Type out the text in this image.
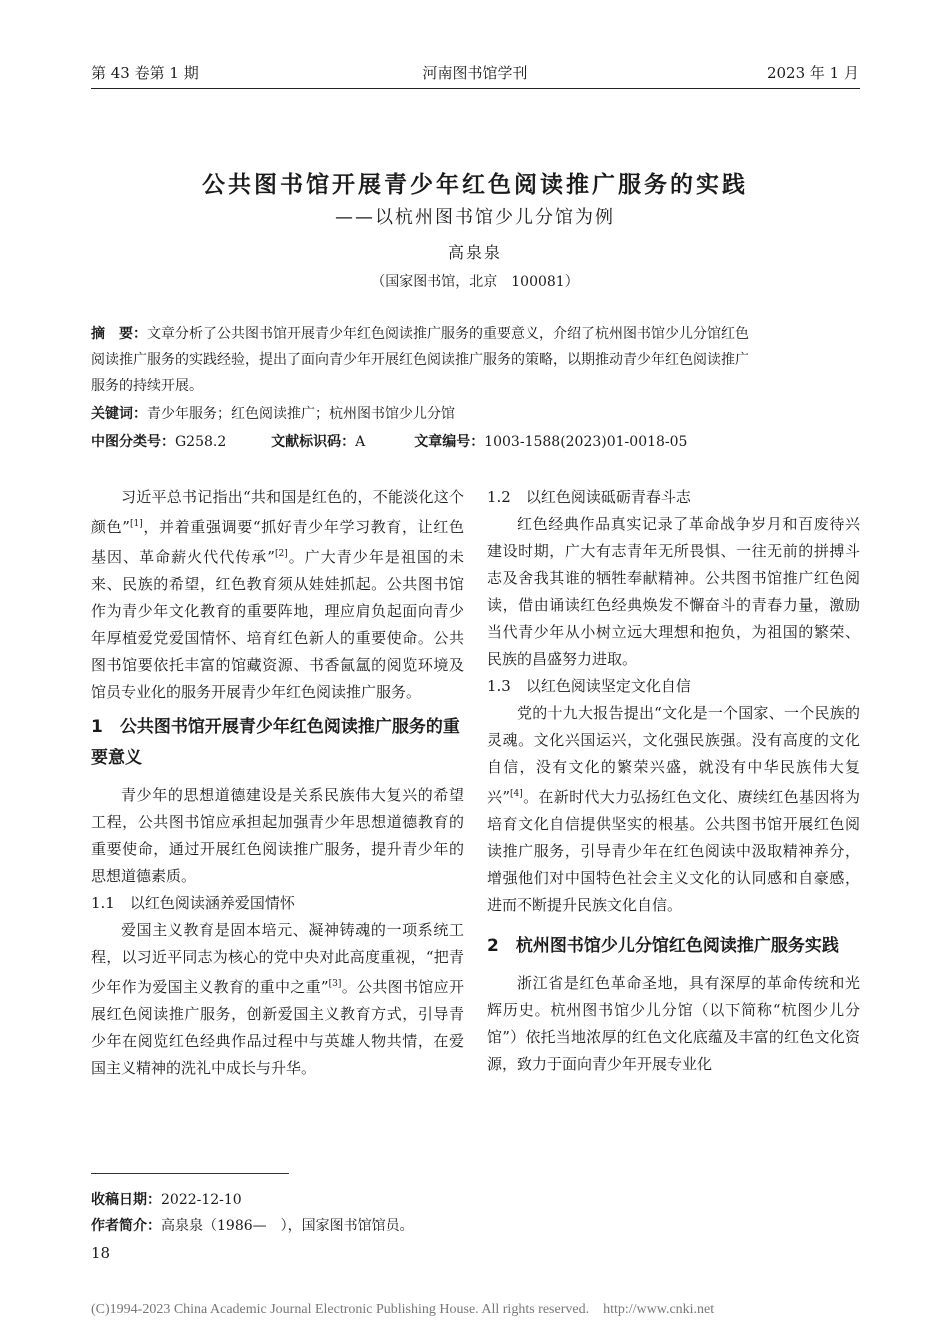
第 43 卷第 1 期	河南图书馆学刊	2023 年 1 月
公共图书馆开展青少年红色阅读推广服务的实践
——以杭州图书馆少儿分馆为例
高泉泉
（国家图书馆，北京　100081）
摘　要：文章分析了公共图书馆开展青少年红色阅读推广服务的重要意义，介绍了杭州图书馆少儿分馆红色
阅读推广服务的实践经验，提出了面向青少年开展红色阅读推广服务的策略，以期推动青少年红色阅读推广
服务的持续开展。
关键词：青少年服务；红色阅读推广；杭州图书馆少儿分馆
中图分类号：G258.2	文献标识码：A	文章编号：1003-1588(2023)01-0018-05

习近平总书记指出“共和国是红色的，不能淡化这个颜色”[1]，并着重强调要“抓好青少年学习教育，让红色基因、革命薪火代代传承”[2]。广大青少年是祖国的未来、民族的希望，红色教育须从娃娃抓起。公共图书馆作为青少年文化教育的重要阵地，理应肩负起面向青少年厚植爱党爱国情怀、培育红色新人的重要使命。公共图书馆要依托丰富的馆藏资源、书香氤氲的阅览环境及馆员专业化的服务开展青少年红色阅读推广服务。

1　公共图书馆开展青少年红色阅读推广服务的重要意义

青少年的思想道德建设是关系民族伟大复兴的希望工程，公共图书馆应承担起加强青少年思想道德教育的重要使命，通过开展红色阅读推广服务，提升青少年的思想道德素质。

1.1　以红色阅读涵养爱国情怀

爱国主义教育是固本培元、凝神铸魂的一项系统工程，以习近平同志为核心的党中央对此高度重视，“把青少年作为爱国主义教育的重中之重”[3]。公共图书馆应开展红色阅读推广服务，创新爱国主义教育方式，引导青少年在阅览红色经典作品过程中与英雄人物共情，在爱国主义精神的洗礼中成长与升华。

1.2　以红色阅读砥砺青春斗志

红色经典作品真实记录了革命战争岁月和百废待兴建设时期，广大有志青年无所畏惧、一往无前的拼搏斗志及舍我其谁的牺牲奉献精神。公共图书馆推广红色阅读，借由诵读红色经典焕发不懈奋斗的青春力量，激励当代青少年从小树立远大理想和抱负，为祖国的繁荣、民族的昌盛努力进取。

1.3　以红色阅读坚定文化自信

党的十九大报告提出“文化是一个国家、一个民族的灵魂。文化兴国运兴，文化强民族强。没有高度的文化自信，没有文化的繁荣兴盛，就没有中华民族伟大复兴”[4]。在新时代大力弘扬红色文化、赓续红色基因将为培育文化自信提供坚实的根基。公共图书馆开展红色阅读推广服务，引导青少年在红色阅读中汲取精神养分，增强他们对中国特色社会主义文化的认同感和自豪感，进而不断提升民族文化自信。

2　杭州图书馆少儿分馆红色阅读推广服务实践

浙江省是红色革命圣地，具有深厚的革命传统和光辉历史。杭州图书馆少儿分馆（以下简称“杭图少儿分馆”）依托当地浓厚的红色文化底蕴及丰富的红色文化资源，致力于面向青少年开展专业化

收稿日期：2022-12-10
作者简介：高泉泉（1986—　），国家图书馆馆员。
18
(C)1994-2023 China Academic Journal Electronic Publishing House. All rights reserved.　http://www.cnki.net
